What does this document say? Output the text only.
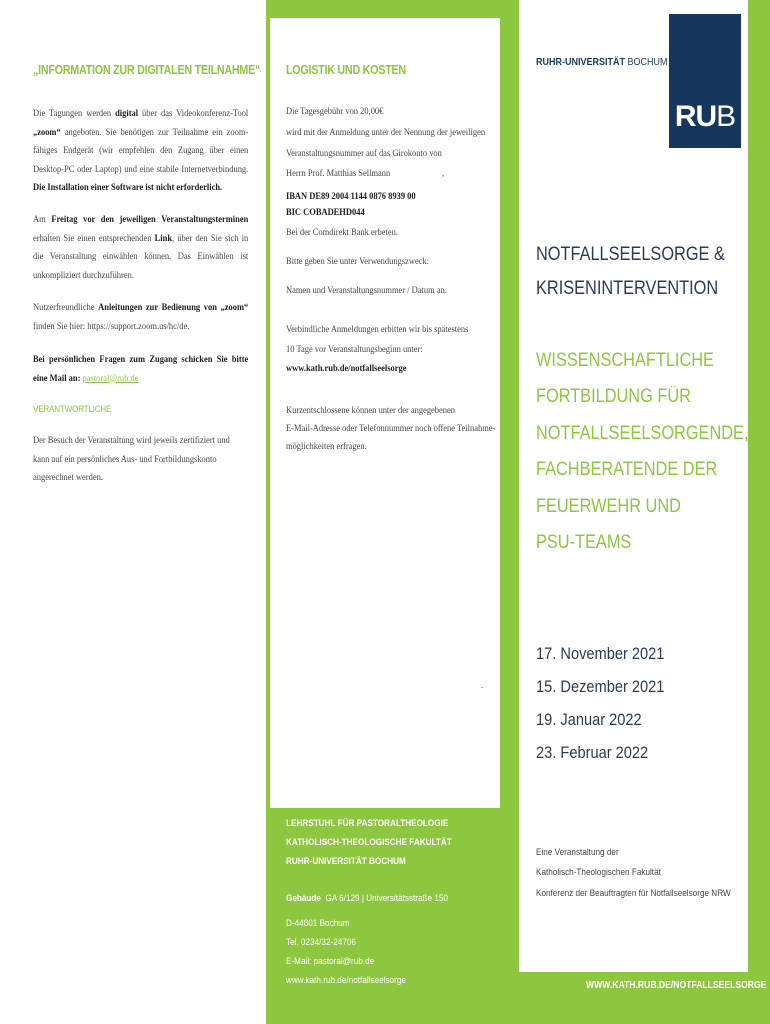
„INFORMATION ZUR DIGITALEN TEILNAHME“
Die Tagungen werden digital über das Videokonferenz-Tool „zoom“ angeboten. Sie benötigen zur Teilnahme ein zoom-fähiges Endgerät (wir empfehlen den Zugang über einen Desktop-PC oder Laptop) und eine stabile Internetverbindung. Die Installation einer Software ist nicht erforderlich.
Am Freitag vor den jeweiligen Veranstaltungsterminen erhalten Sie einen entsprechenden Link, über den Sie sich in die Veranstaltung einwählen können. Das Einwählen ist unkompliziert durchzuführen.
Nutzerfreundliche Anleitungen zur Bedienung von „zoom“ finden Sie hier: https://support.zoom.us/hc/de.
Bei persönlichen Fragen zum Zugang schicken Sie bitte eine Mail an: pastoral@rub.de
VERANTWORTLICHE
Der Besuch der Veranstaltung wird jeweils zertifiziert und kann auf ein persönliches Aus- und Fortbildungskonto angerechnet werden.
LOGISTIK UND KOSTEN
Die Tagesgebühr von 20,00€
wird mit der Anmeldung unter der Nennung der jeweiligen
Veranstaltungsnummer auf das Girokonto von
Herrn Prof. Matthias Sellmann	,
IBAN DE89 2004 1144 0876 8939 00
BIC COBADEHD044
Bei der Comdirekt Bank erbeten.
Bitte geben Sie unter Verwendungszweck:
Namen und Veranstaltungsnummer / Datum an.
Verbindliche Anmeldungen erbitten wir bis spätestens
10 Tage vor Veranstaltungsbeginn unter:
www.kath.rub.de/notfallseelsorge
Kurzentschlossene können unter der angegebenen
E-Mail-Adresse oder Telefonnummer noch offene Teilnahme-
möglichkeiten erfragen.
.
LEHRSTUHL FÜR PASTORALTHEOLOGIE
KATHOLISCH-THEOLOGISCHE FAKULTÄT
RUHR-UNIVERSITÄT BOCHUM
Gebäude GA 6/129 | Universitätsstraße 150
D-44801 Bochum
Tel. 0234/32-24706
E-Mail: pastoral@rub.de
www.kath.rub.de/notfallseelsorge
RUHR-UNIVERSITÄT BOCHUM
RUB
NOTFALLSEELSORGE &
KRISENINTERVENTION
WISSENSCHAFTLICHE
FORTBILDUNG FÜR
NOTFALLSEELSORGENDE,
FACHBERATENDE DER
FEUERWEHR UND
PSU-TEAMS
17. November 2021
15. Dezember 2021
19. Januar 2022
23. Februar 2022
Eine Veranstaltung der
Katholisch-Theologischen Fakultät
Konferenz der Beauftragten für Notfallseelsorge NRW
WWW.KATH.RUB.DE/NOTFALLSEELSORGE
